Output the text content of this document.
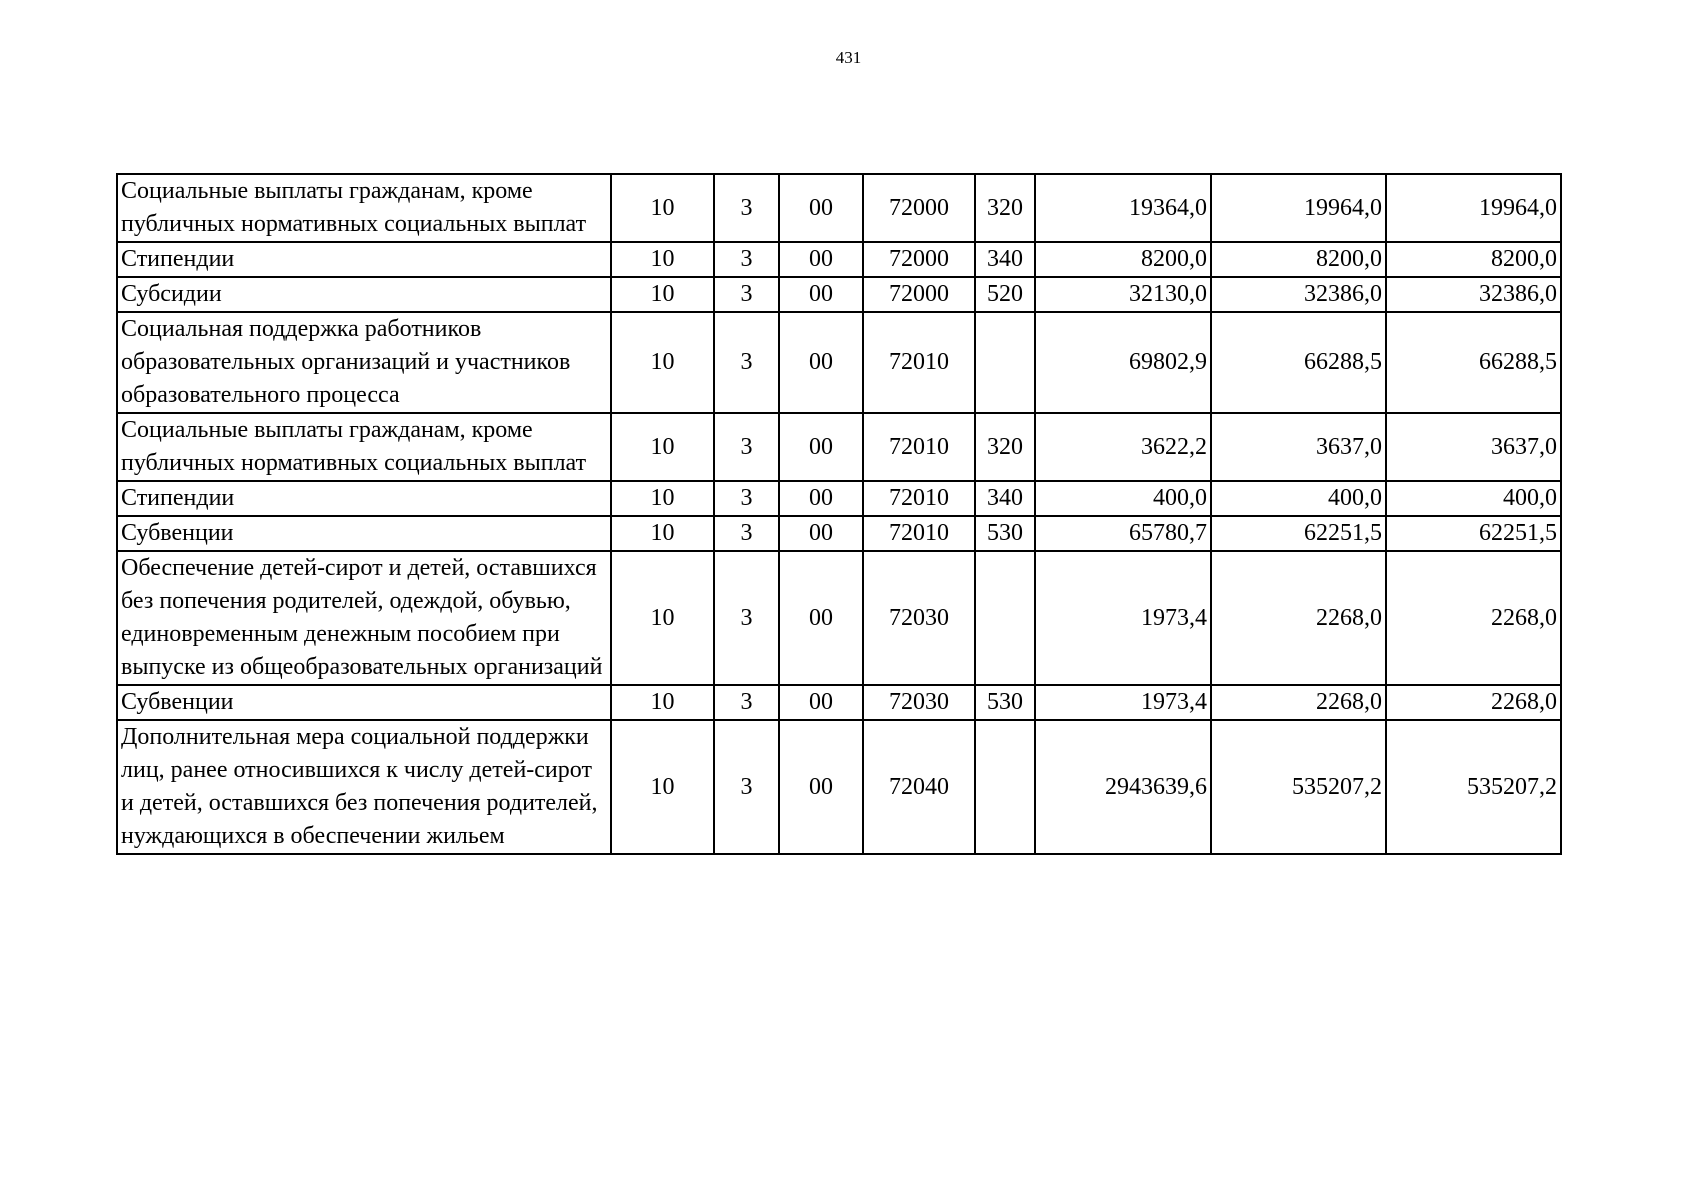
431
Социальные выплаты гражданам, кроме публичных нормативных социальных выплат	10	3	00	72000	320	19364,0	19964,0	19964,0
Стипендии	10	3	00	72000	340	8200,0	8200,0	8200,0
Субсидии	10	3	00	72000	520	32130,0	32386,0	32386,0
Социальная поддержка работников образовательных организаций и участников образовательного процесса	10	3	00	72010		69802,9	66288,5	66288,5
Социальные выплаты гражданам, кроме публичных нормативных социальных выплат	10	3	00	72010	320	3622,2	3637,0	3637,0
Стипендии	10	3	00	72010	340	400,0	400,0	400,0
Субвенции	10	3	00	72010	530	65780,7	62251,5	62251,5
Обеспечение детей-сирот и детей, оставшихся без попечения родителей, одеждой, обувью, единовременным денежным пособием при выпуске из общеобразовательных организаций	10	3	00	72030		1973,4	2268,0	2268,0
Субвенции	10	3	00	72030	530	1973,4	2268,0	2268,0
Дополнительная мера социальной поддержки лиц, ранее относившихся к числу детей-сирот и детей, оставшихся без попечения родителей, нуждающихся в обеспечении жильем	10	3	00	72040		2943639,6	535207,2	535207,2
